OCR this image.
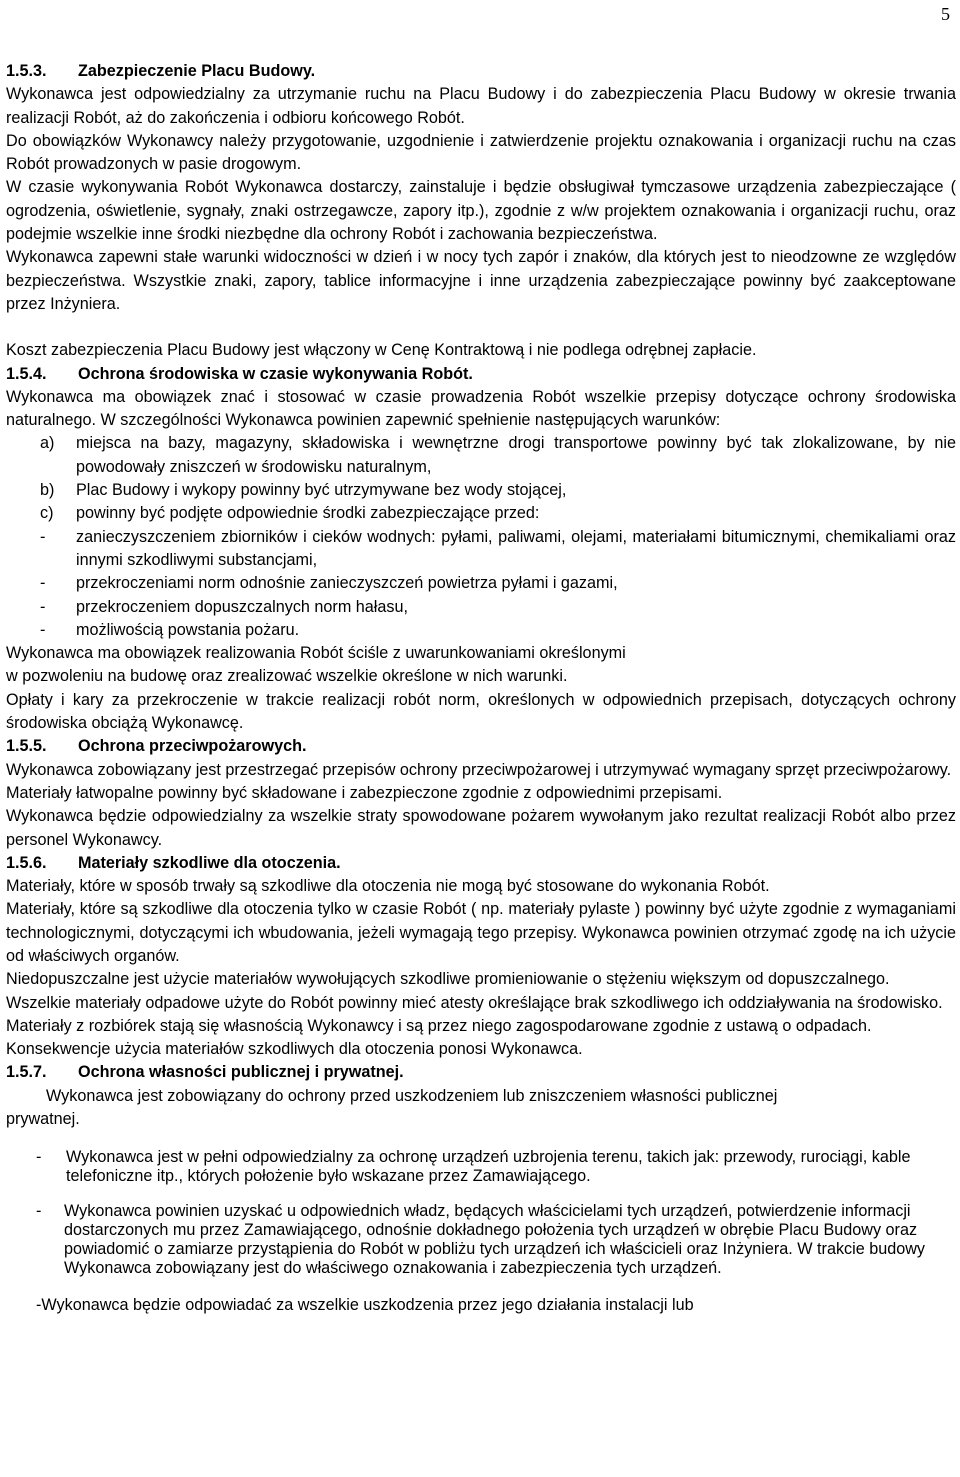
5

1.5.3. Zabezpieczenie Placu Budowy.

Wykonawca jest odpowiedzialny za utrzymanie ruchu na Placu Budowy i do zabezpieczenia Placu Budowy w okresie trwania realizacji Robót, aż do zakończenia i odbioru końcowego Robót.

Do obowiązków Wykonawcy należy przygotowanie, uzgodnienie i zatwierdzenie projektu oznakowania i organizacji ruchu na czas Robót prowadzonych w pasie drogowym.

W czasie wykonywania Robót Wykonawca dostarczy, zainstaluje i będzie obsługiwał tymczasowe urządzenia zabezpieczające ( ogrodzenia, oświetlenie, sygnały, znaki ostrzegawcze, zapory itp.), zgodnie z w/w projektem oznakowania i organizacji ruchu, oraz podejmie wszelkie inne środki niezbędne dla ochrony Robót i zachowania bezpieczeństwa.

Wykonawca zapewni stałe warunki widoczności w dzień i w nocy tych zapór i znaków, dla których jest to nieodzowne ze względów bezpieczeństwa. Wszystkie znaki, zapory, tablice informacyjne i inne urządzenia zabezpieczające powinny być zaakceptowane przez Inżyniera.

Koszt zabezpieczenia Placu Budowy jest włączony w Cenę Kontraktową i nie podlega odrębnej zapłacie.

1.5.4. Ochrona środowiska w czasie wykonywania Robót.

Wykonawca ma obowiązek znać i stosować w czasie prowadzenia Robót wszelkie przepisy dotyczące ochrony środowiska naturalnego. W szczególności Wykonawca powinien zapewnić spełnienie następujących warunków:

a) miejsca na bazy, magazyny, składowiska i wewnętrzne drogi transportowe powinny być tak zlokalizowane, by nie powodowały zniszczeń w środowisku naturalnym,

b) Plac Budowy i wykopy powinny być utrzymywane bez wody stojącej,

c) powinny być podjęte odpowiednie środki zabezpieczające przed:

- zanieczyszczeniem zbiorników i cieków wodnych: pyłami, paliwami, olejami, materiałami bitumicznymi, chemikaliami oraz innymi szkodliwymi substancjami,

- przekroczeniami norm odnośnie zanieczyszczeń powietrza pyłami i gazami,

- przekroczeniem dopuszczalnych norm hałasu,

- możliwością powstania pożaru.

Wykonawca ma obowiązek realizowania Robót ściśle z uwarunkowaniami określonymi

w pozwoleniu na budowę oraz zrealizować wszelkie określone w nich warunki.

Opłaty i kary za przekroczenie w trakcie realizacji robót norm, określonych w odpowiednich przepisach, dotyczących ochrony środowiska obciążą Wykonawcę.

1.5.5. Ochrona przeciwpożarowych.

Wykonawca zobowiązany jest przestrzegać przepisów ochrony przeciwpożarowej i utrzymywać wymagany sprzęt przeciwpożarowy.

Materiały łatwopalne powinny być składowane i zabezpieczone zgodnie z odpowiednimi przepisami.

Wykonawca będzie odpowiedzialny za wszelkie straty spowodowane pożarem wywołanym jako rezultat realizacji Robót albo przez personel Wykonawcy.

1.5.6. Materiały szkodliwe dla otoczenia.

Materiały, które w sposób trwały są szkodliwe dla otoczenia nie mogą być stosowane do wykonania Robót.

Materiały, które są szkodliwe dla otoczenia tylko w czasie Robót ( np. materiały pylaste ) powinny być użyte zgodnie z wymaganiami technologicznymi, dotyczącymi ich wbudowania, jeżeli wymagają tego przepisy. Wykonawca powinien otrzymać zgodę na ich użycie od właściwych organów.

Niedopuszczalne jest użycie materiałów wywołujących szkodliwe promieniowanie o stężeniu większym od dopuszczalnego.

Wszelkie materiały odpadowe użyte do Robót powinny mieć atesty określające brak szkodliwego ich oddziaływania na środowisko.

Materiały z rozbiórek stają się własnością Wykonawcy i są przez niego zagospodarowane zgodnie z ustawą o odpadach.

Konsekwencje użycia materiałów szkodliwych dla otoczenia ponosi Wykonawca.

1.5.7. Ochrona własności publicznej i prywatnej.

Wykonawca jest zobowiązany do ochrony przed uszkodzeniem lub zniszczeniem własności publicznej

prywatnej.

- Wykonawca jest w pełni odpowiedzialny za ochronę urządzeń uzbrojenia terenu, takich jak: przewody, rurociągi, kable telefoniczne itp., których położenie było wskazane przez Zamawiającego.

- Wykonawca powinien uzyskać u odpowiednich władz, będących właścicielami tych urządzeń, potwierdzenie informacji dostarczonych mu przez Zamawiającego, odnośnie dokładnego położenia tych urządzeń w obrębie Placu Budowy oraz powiadomić o zamiarze przystąpienia do Robót w pobliżu tych urządzeń ich właścicieli oraz Inżyniera. W trakcie budowy Wykonawca zobowiązany jest do właściwego oznakowania i zabezpieczenia tych urządzeń.

-Wykonawca będzie odpowiadać za wszelkie uszkodzenia przez jego działania instalacji lub
